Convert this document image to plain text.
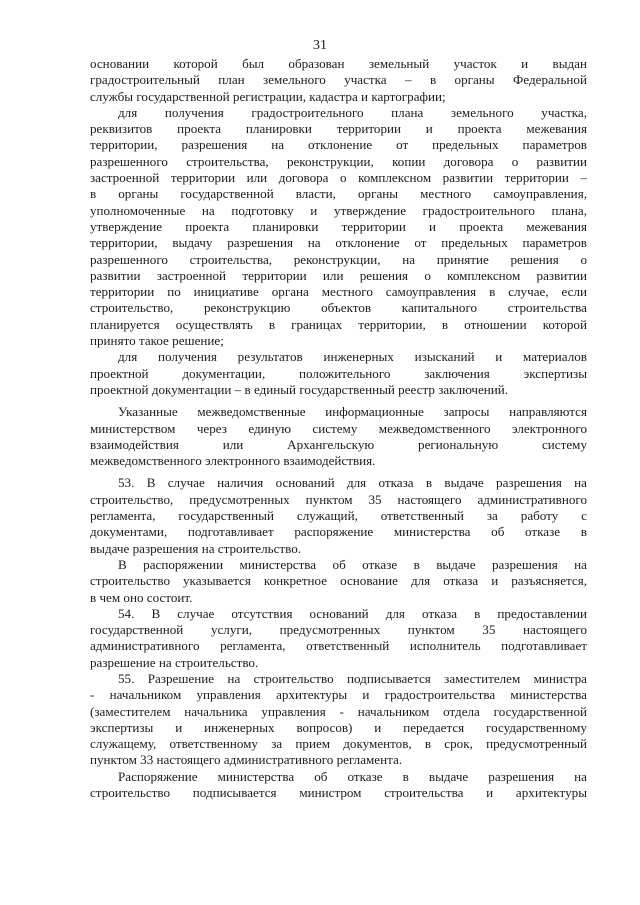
31
основании которой был образован земельный участок и выдан
градостроительный план земельного участка – в органы Федеральной
службы государственной регистрации, кадастра и картографии;
для получения градостроительного плана земельного участка,
реквизитов проекта планировки территории и проекта межевания
территории, разрешения на отклонение от предельных параметров
разрешенного строительства, реконструкции, копии договора о развитии
застроенной территории или договора о комплексном развитии территории –
в органы государственной власти, органы местного самоуправления,
уполномоченные на подготовку и утверждение градостроительного плана,
утверждение проекта планировки территории и проекта межевания
территории, выдачу разрешения на отклонение от предельных параметров
разрешенного строительства, реконструкции, на принятие решения о
развитии застроенной территории или решения о комплексном развитии
территории по инициативе органа местного самоуправления в случае, если
строительство, реконструкцию объектов капитального строительства
планируется осуществлять в границах территории, в отношении которой
принято такое решение;
для получения результатов инженерных изысканий и материалов
проектной документации, положительного заключения экспертизы
проектной документации – в единый государственный реестр заключений.
Указанные межведомственные информационные запросы направляются
министерством через единую систему межведомственного электронного
взаимодействия или Архангельскую региональную систему
межведомственного электронного взаимодействия.
53. В случае наличия оснований для отказа в выдаче разрешения на
строительство, предусмотренных пунктом 35 настоящего административного
регламента, государственный служащий, ответственный за работу с
документами, подготавливает распоряжение министерства об отказе в
выдаче разрешения на строительство.
В распоряжении министерства об отказе в выдаче разрешения на
строительство указывается конкретное основание для отказа и разъясняется,
в чем оно состоит.
54. В случае отсутствия оснований для отказа в предоставлении
государственной услуги, предусмотренных пунктом 35 настоящего
административного регламента, ответственный исполнитель подготавливает
разрешение на строительство.
55. Разрешение на строительство подписывается заместителем министра
- начальником управления архитектуры и градостроительства министерства
(заместителем начальника управления - начальником отдела государственной
экспертизы и инженерных вопросов) и передается государственному
служащему, ответственному за прием документов, в срок, предусмотренный
пунктом 33 настоящего административного регламента.
Распоряжение министерства об отказе в выдаче разрешения на
строительство подписывается министром строительства и архитектуры
